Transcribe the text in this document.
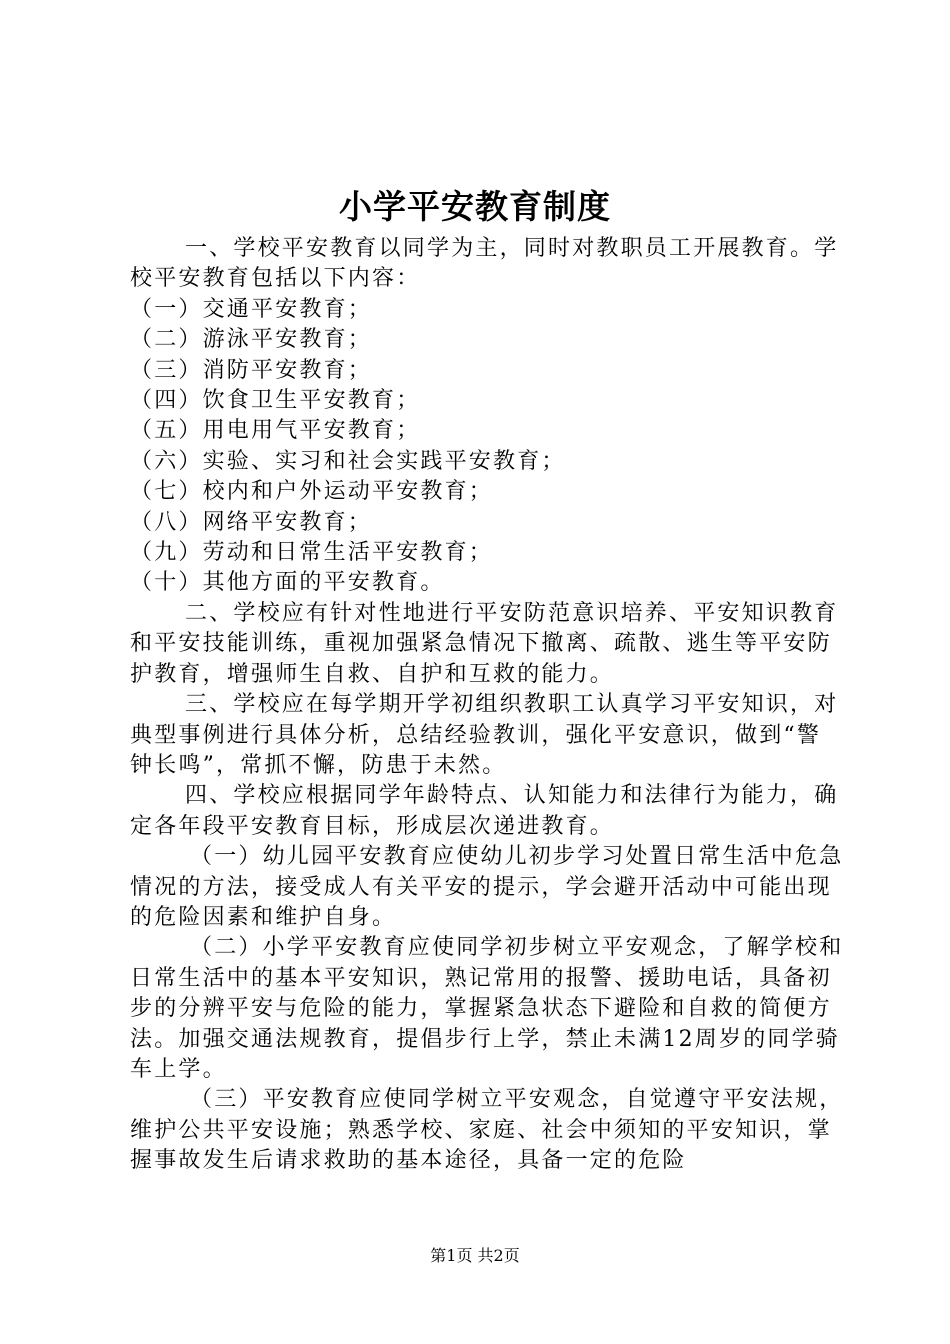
小学平安教育制度

一、学校平安教育以同学为主，同时对教职员工开展教育。学校平安教育包括以下内容：

（一）交通平安教育；

（二）游泳平安教育；

（三）消防平安教育；

（四）饮食卫生平安教育；

（五）用电用气平安教育；

（六）实验、实习和社会实践平安教育；

（七）校内和户外运动平安教育；

（八）网络平安教育；

（九）劳动和日常生活平安教育；

（十）其他方面的平安教育。

二、学校应有针对性地进行平安防范意识培养、平安知识教育和平安技能训练，重视加强紧急情况下撤离、疏散、逃生等平安防护教育，增强师生自救、自护和互救的能力。

三、学校应在每学期开学初组织教职工认真学习平安知识，对典型事例进行具体分析，总结经验教训，强化平安意识，做到“警钟长鸣”，常抓不懈，防患于未然。

四、学校应根据同学年龄特点、认知能力和法律行为能力，确定各年段平安教育目标，形成层次递进教育。

（一）幼儿园平安教育应使幼儿初步学习处置日常生活中危急情况的方法，接受成人有关平安的提示，学会避开活动中可能出现的危险因素和维护自身。

（二）小学平安教育应使同学初步树立平安观念，了解学校和日常生活中的基本平安知识，熟记常用的报警、援助电话，具备初步的分辨平安与危险的能力，掌握紧急状态下避险和自救的简便方法。加强交通法规教育，提倡步行上学，禁止未满12周岁的同学骑车上学。

（三）平安教育应使同学树立平安观念，自觉遵守平安法规，维护公共平安设施；熟悉学校、家庭、社会中须知的平安知识，掌握事故发生后请求救助的基本途径，具备一定的危险

第1页 共2页
